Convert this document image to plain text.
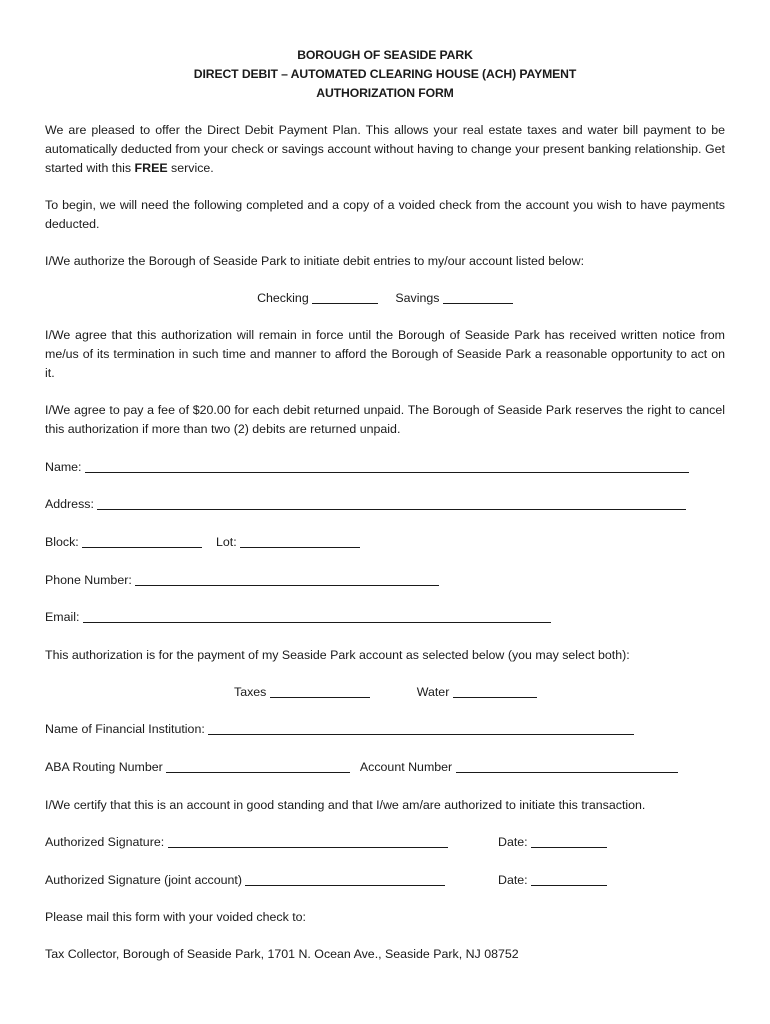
BOROUGH OF SEASIDE PARK
DIRECT DEBIT – AUTOMATED CLEARING HOUSE (ACH) PAYMENT
AUTHORIZATION FORM

We are pleased to offer the Direct Debit Payment Plan. This allows your real estate taxes and water bill payment to be automatically deducted from your check or savings account without having to change your present banking relationship. Get started with this FREE service.

To begin, we will need the following completed and a copy of a voided check from the account you wish to have payments deducted.

I/We authorize the Borough of Seaside Park to initiate debit entries to my/our account listed below:

Checking	Savings

I/We agree that this authorization will remain in force until the Borough of Seaside Park has received written notice from me/us of its termination in such time and manner to afford the Borough of Seaside Park a reasonable opportunity to act on it.

I/We agree to pay a fee of $20.00 for each debit returned unpaid. The Borough of Seaside Park reserves the right to cancel this authorization if more than two (2) debits are returned unpaid.

Name:
Address:
Block:	Lot:
Phone Number:
Email:
This authorization is for the payment of my Seaside Park account as selected below (you may select both):
Taxes	Water
Name of Financial Institution:
ABA Routing Number	Account Number
I/We certify that this is an account in good standing and that I/we am/are authorized to initiate this transaction.
Authorized Signature:	Date:
Authorized Signature (joint account)	Date:
Please mail this form with your voided check to:
Tax Collector, Borough of Seaside Park, 1701 N. Ocean Ave., Seaside Park, NJ 08752
